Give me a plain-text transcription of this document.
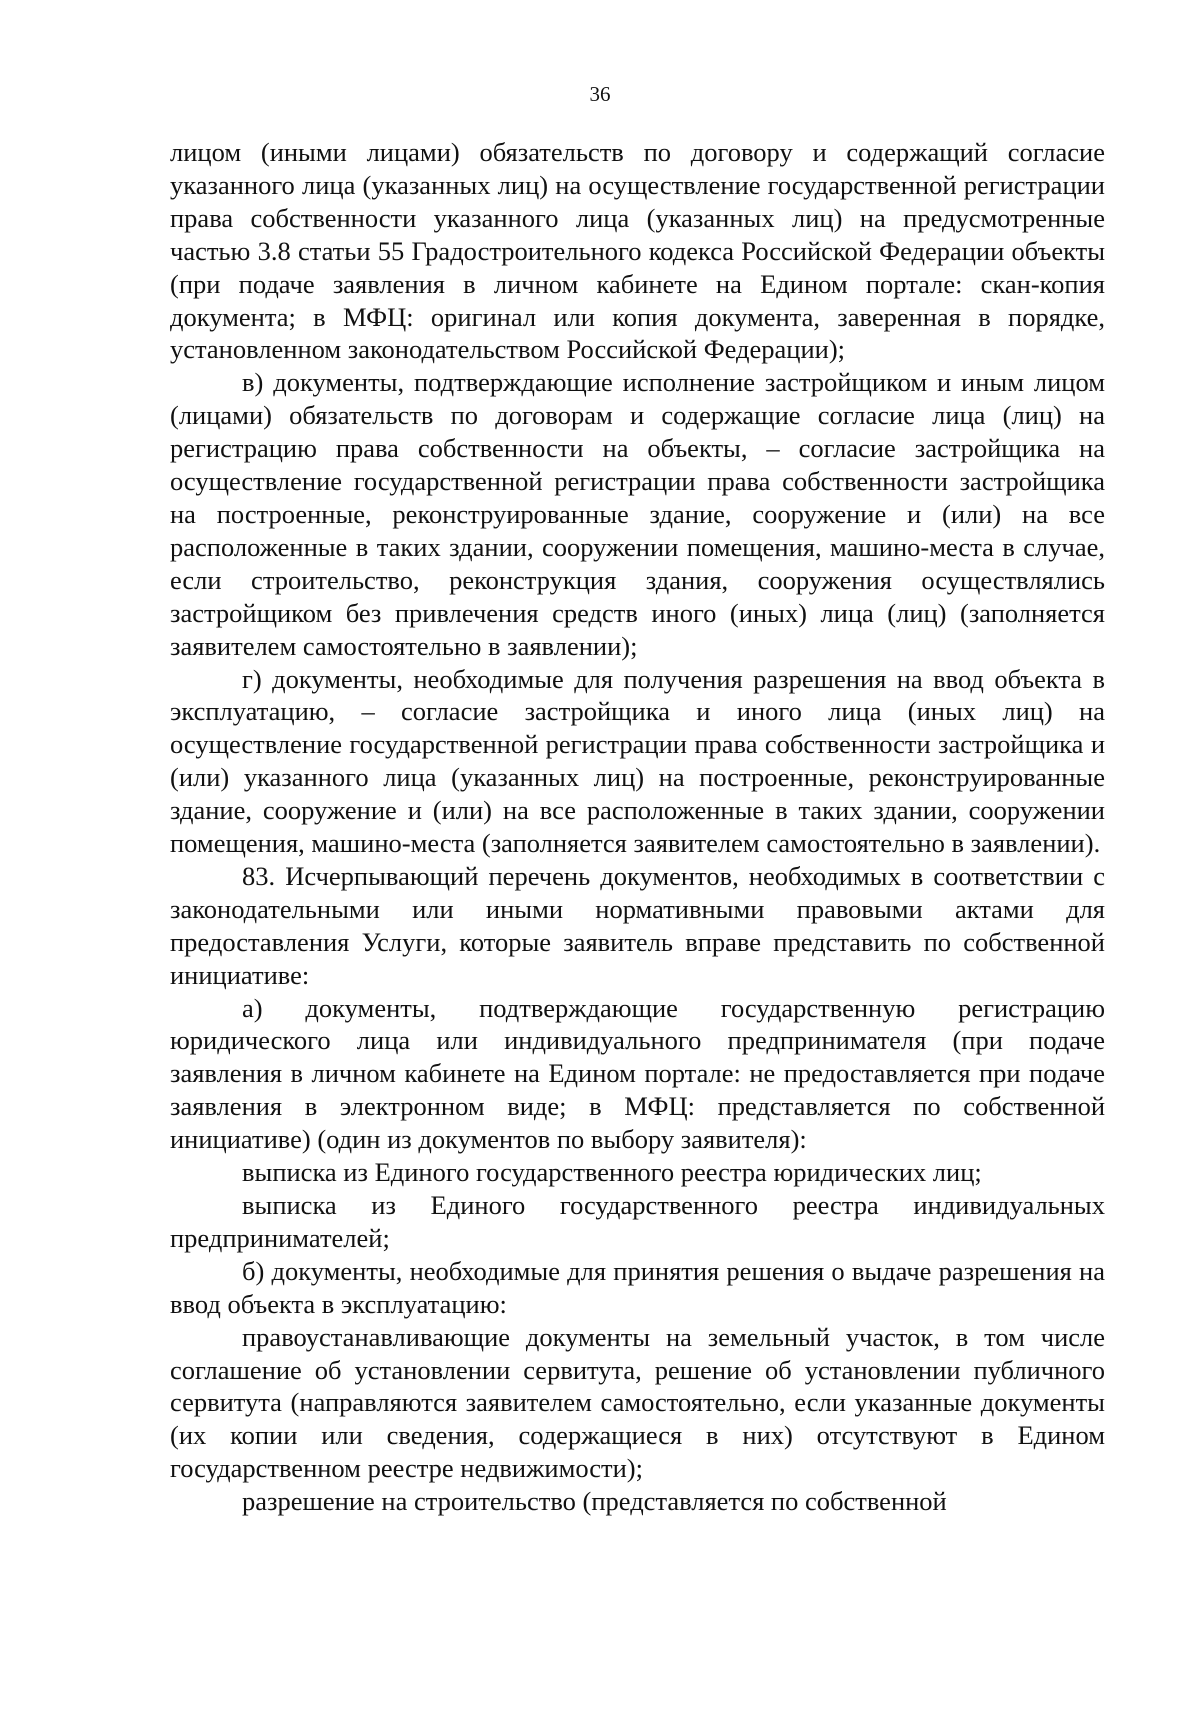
36

лицом (иными лицами) обязательств по договору и содержащий согласие указанного лица (указанных лиц) на осуществление государственной регистрации права собственности указанного лица (указанных лиц) на предусмотренные частью 3.8 статьи 55 Градостроительного кодекса Российской Федерации объекты (при подаче заявления в личном кабинете на Едином портале: скан-копия документа; в МФЦ: оригинал или копия документа, заверенная в порядке, установленном законодательством Российской Федерации);

в) документы, подтверждающие исполнение застройщиком и иным лицом (лицами) обязательств по договорам и содержащие согласие лица (лиц) на регистрацию права собственности на объекты, – согласие застройщика на осуществление государственной регистрации права собственности застройщика на построенные, реконструированные здание, сооружение и (или) на все расположенные в таких здании, сооружении помещения, машино-места в случае, если строительство, реконструкция здания, сооружения осуществлялись застройщиком без привлечения средств иного (иных) лица (лиц) (заполняется заявителем самостоятельно в заявлении);

г) документы, необходимые для получения разрешения на ввод объекта в эксплуатацию, – согласие застройщика и иного лица (иных лиц) на осуществление государственной регистрации права собственности застройщика и (или) указанного лица (указанных лиц) на построенные, реконструированные здание, сооружение и (или) на все расположенные в таких здании, сооружении помещения, машино-места (заполняется заявителем самостоятельно в заявлении).

83. Исчерпывающий перечень документов, необходимых в соответствии с законодательными или иными нормативными правовыми актами для предоставления Услуги, которые заявитель вправе представить по собственной инициативе:

а) документы, подтверждающие государственную регистрацию юридического лица или индивидуального предпринимателя (при подаче заявления в личном кабинете на Едином портале: не предоставляется при подаче заявления в электронном виде; в МФЦ: представляется по собственной инициативе) (один из документов по выбору заявителя):

выписка из Единого государственного реестра юридических лиц;

выписка из Единого государственного реестра индивидуальных предпринимателей;

б) документы, необходимые для принятия решения о выдаче разрешения на ввод объекта в эксплуатацию:

правоустанавливающие документы на земельный участок, в том числе соглашение об установлении сервитута, решение об установлении публичного сервитута (направляются заявителем самостоятельно, если указанные документы (их копии или сведения, содержащиеся в них) отсутствуют в Едином государственном реестре недвижимости);

разрешение на строительство (представляется по собственной
